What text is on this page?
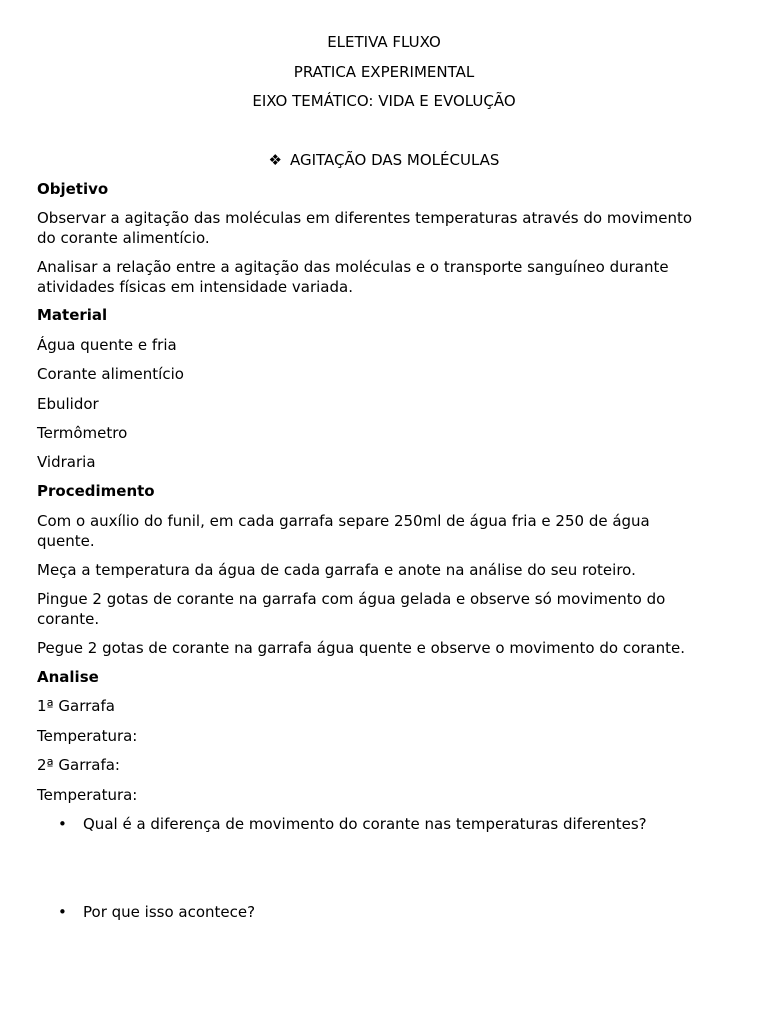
ELETIVA FLUXO
PRATICA EXPERIMENTAL
EIXO TEMÁTICO: VIDA E EVOLUÇÃO
❖ AGITAÇÃO DAS MOLÉCULAS
Objetivo
Observar a agitação das moléculas em diferentes temperaturas através do movimento
do corante alimentício.
Analisar a relação entre a agitação das moléculas e o transporte sanguíneo durante
atividades físicas em intensidade variada.
Material
Água quente e fria
Corante alimentício
Ebulidor
Termômetro
Vidraria
Procedimento
Com o auxílio do funil, em cada garrafa separe 250ml de água fria e 250 de água
quente.
Meça a temperatura da água de cada garrafa e anote na análise do seu roteiro.
Pingue 2 gotas de corante na garrafa com água gelada e observe só movimento do
corante.
Pegue 2 gotas de corante na garrafa água quente e observe o movimento do corante.
Analise
1ª Garrafa
Temperatura:
2ª Garrafa:
Temperatura:
• Qual é a diferença de movimento do corante nas temperaturas diferentes?
• Por que isso acontece?
